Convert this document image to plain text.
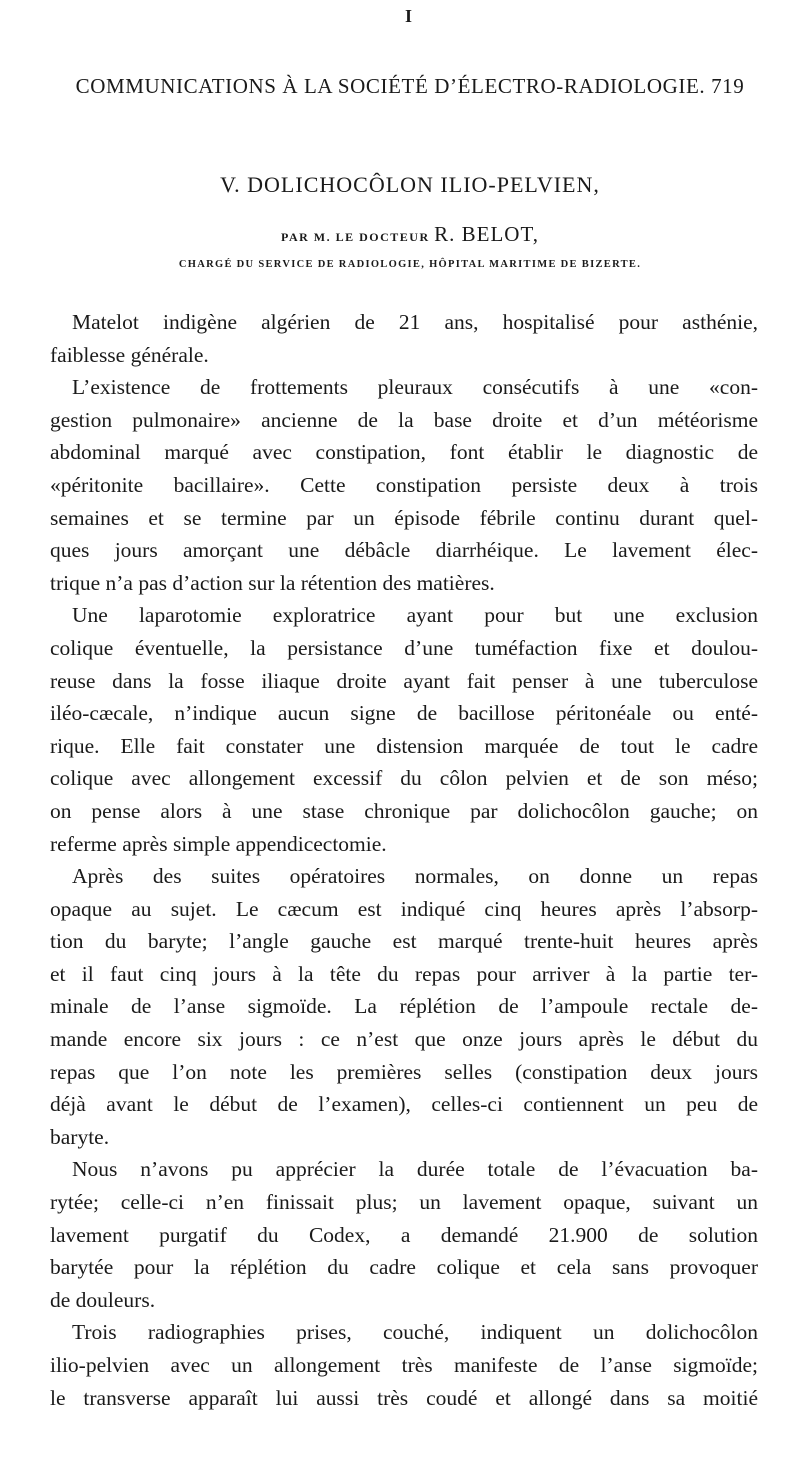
I
COMMUNICATIONS À LA SOCIÉTÉ D’ÉLECTRO-RADIOLOGIE. 719
V. DOLICHOCÔLON ILIO-PELVIEN,
PAR M. LE DOCTEUR R. BELOT,
CHARGÉ DU SERVICE DE RADIOLOGIE, HÔPITAL MARITIME DE BIZERTE.
Matelot indigène algérien de 21 ans, hospitalisé pour asthénie,
faiblesse générale.
L’existence de frottements pleuraux consécutifs à une «con-
gestion pulmonaire» ancienne de la base droite et d’un météorisme
abdominal marqué avec constipation, font établir le diagnostic de
«péritonite bacillaire». Cette constipation persiste deux à trois
semaines et se termine par un épisode fébrile continu durant quel-
ques jours amorçant une débâcle diarrhéique. Le lavement élec-
trique n’a pas d’action sur la rétention des matières.
Une laparotomie exploratrice ayant pour but une exclusion
colique éventuelle, la persistance d’une tuméfaction fixe et doulou-
reuse dans la fosse iliaque droite ayant fait penser à une tuberculose
iléo-cæcale, n’indique aucun signe de bacillose péritonéale ou enté-
rique. Elle fait constater une distension marquée de tout le cadre
colique avec allongement excessif du côlon pelvien et de son méso;
on pense alors à une stase chronique par dolichocôlon gauche; on
referme après simple appendicectomie.
Après des suites opératoires normales, on donne un repas
opaque au sujet. Le cæcum est indiqué cinq heures après l’absorp-
tion du baryte; l’angle gauche est marqué trente-huit heures après
et il faut cinq jours à la tête du repas pour arriver à la partie ter-
minale de l’anse sigmoïde. La réplétion de l’ampoule rectale de-
mande encore six jours : ce n’est que onze jours après le début du
repas que l’on note les premières selles (constipation deux jours
déjà avant le début de l’examen), celles-ci contiennent un peu de
baryte.
Nous n’avons pu apprécier la durée totale de l’évacuation ba-
rytée; celle-ci n’en finissait plus; un lavement opaque, suivant un
lavement purgatif du Codex, a demandé 21.900 de solution
barytée pour la réplétion du cadre colique et cela sans provoquer
de douleurs.
Trois radiographies prises, couché, indiquent un dolichocôlon
ilio-pelvien avec un allongement très manifeste de l’anse sigmoïde;
le transverse apparaît lui aussi très coudé et allongé dans sa moitié
